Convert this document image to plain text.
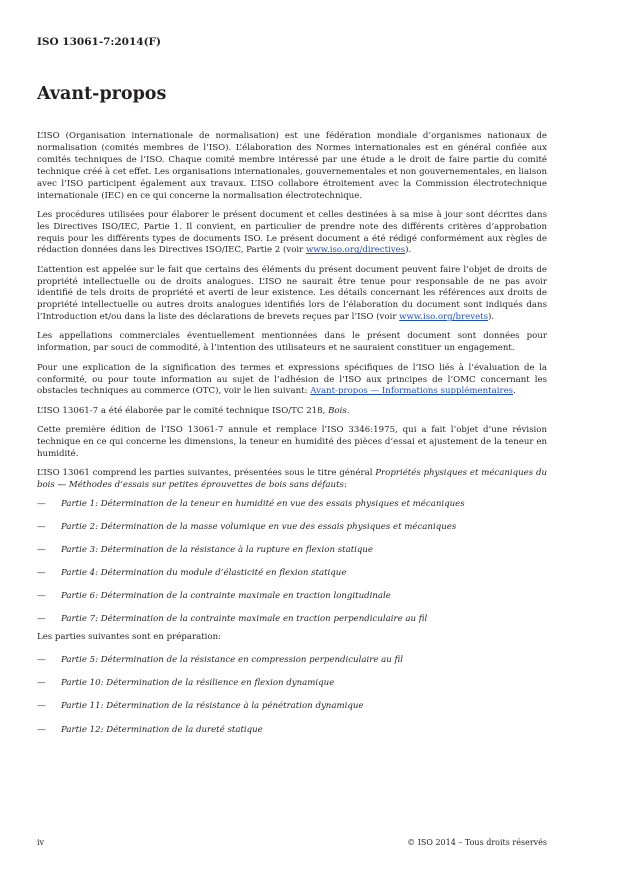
ISO 13061-7:2014(F)
Avant-propos

L’ISO (Organisation internationale de normalisation) est une fédération mondiale d’organismes nationaux de normalisation (comités membres de l’ISO). L’élaboration des Normes internationales est en général confiée aux comités techniques de l’ISO. Chaque comité membre intéressé par une étude a le droit de faire partie du comité technique créé à cet effet. Les organisations internationales, gouvernementales et non gouvernementales, en liaison avec l’ISO participent également aux travaux. L’ISO collabore étroitement avec la Commission électrotechnique internationale (IEC) en ce qui concerne la normalisation électrotechnique.

Les procédures utilisées pour élaborer le présent document et celles destinées à sa mise à jour sont décrites dans les Directives ISO/IEC, Partie 1. Il convient, en particulier de prendre note des différents critères d’approbation requis pour les différents types de documents ISO. Le présent document a été rédigé conformément aux règles de rédaction données dans les Directives ISO/IEC, Partie 2 (voir www.iso.org/directives).

L’attention est appelée sur le fait que certains des éléments du présent document peuvent faire l’objet de droits de propriété intellectuelle ou de droits analogues. L’ISO ne saurait être tenue pour responsable de ne pas avoir identifié de tels droits de propriété et averti de leur existence. Les détails concernant les références aux droits de propriété intellectuelle ou autres droits analogues identifiés lors de l’élaboration du document sont indiqués dans l’Introduction et/ou dans la liste des déclarations de brevets reçues par l’ISO (voir www.iso.org/brevets).

Les appellations commerciales éventuellement mentionnées dans le présent document sont données pour information, par souci de commodité, à l’intention des utilisateurs et ne sauraient constituer un engagement.

Pour une explication de la signification des termes et expressions spécifiques de l’ISO liés à l’évaluation de la conformité, ou pour toute information au sujet de l’adhésion de l’ISO aux principes de l’OMC concernant les obstacles techniques au commerce (OTC), voir le lien suivant: Avant-propos — Informations supplémentaires.

L’ISO 13061-7 a été élaborée par le comité technique ISO/TC 218, Bois.

Cette première édition de l’ISO 13061-7 annule et remplace l’ISO 3346:1975, qui a fait l’objet d’une révision technique en ce qui concerne les dimensions, la teneur en humidité des pièces d’essai et ajustement de la teneur en humidité.

L’ISO 13061 comprend les parties suivantes, présentées sous le titre général Propriétés physiques et mécaniques du bois — Méthodes d’essais sur petites éprouvettes de bois sans défauts:

—	Partie 1: Détermination de la teneur en humidité en vue des essais physiques et mécaniques
—	Partie 2: Détermination de la masse volumique en vue des essais physiques et mécaniques
—	Partie 3: Détermination de la résistance à la rupture en flexion statique
—	Partie 4: Détermination du module d’élasticité en flexion statique
—	Partie 6: Détermination de la contrainte maximale en traction longitudinale
—	Partie 7: Détermination de la contrainte maximale en traction perpendiculaire au fil

Les parties suivantes sont en préparation:

—	Partie 5: Détermination de la résistance en compression perpendiculaire au fil
—	Partie 10: Détermination de la résilience en flexion dynamique
—	Partie 11: Détermination de la résistance à la pénétration dynamique
—	Partie 12: Détermination de la dureté statique
iv	© ISO 2014 – Tous droits réservés
